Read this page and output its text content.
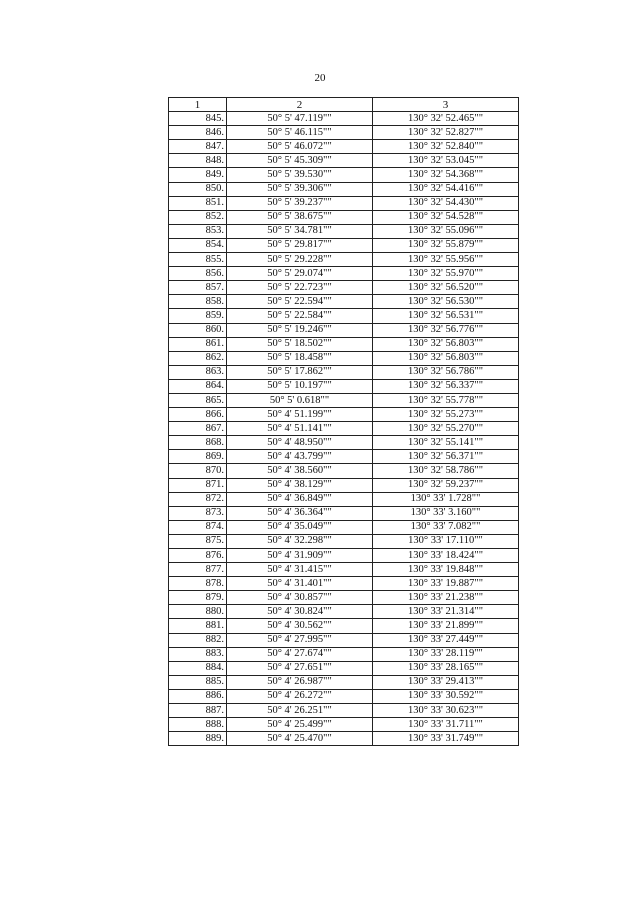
20
1	2	3
845.	50° 5' 47.119""	130° 32' 52.465""
846.	50° 5' 46.115""	130° 32' 52.827""
847.	50° 5' 46.072""	130° 32' 52.840""
848.	50° 5' 45.309""	130° 32' 53.045""
849.	50° 5' 39.530""	130° 32' 54.368""
850.	50° 5' 39.306""	130° 32' 54.416""
851.	50° 5' 39.237""	130° 32' 54.430""
852.	50° 5' 38.675""	130° 32' 54.528""
853.	50° 5' 34.781""	130° 32' 55.096""
854.	50° 5' 29.817""	130° 32' 55.879""
855.	50° 5' 29.228""	130° 32' 55.956""
856.	50° 5' 29.074""	130° 32' 55.970""
857.	50° 5' 22.723""	130° 32' 56.520""
858.	50° 5' 22.594""	130° 32' 56.530""
859.	50° 5' 22.584""	130° 32' 56.531""
860.	50° 5' 19.246""	130° 32' 56.776""
861.	50° 5' 18.502""	130° 32' 56.803""
862.	50° 5' 18.458""	130° 32' 56.803""
863.	50° 5' 17.862""	130° 32' 56.786""
864.	50° 5' 10.197""	130° 32' 56.337""
865.	50° 5' 0.618""	130° 32' 55.778""
866.	50° 4' 51.199""	130° 32' 55.273""
867.	50° 4' 51.141""	130° 32' 55.270""
868.	50° 4' 48.950""	130° 32' 55.141""
869.	50° 4' 43.799""	130° 32' 56.371""
870.	50° 4' 38.560""	130° 32' 58.786""
871.	50° 4' 38.129""	130° 32' 59.237""
872.	50° 4' 36.849""	130° 33' 1.728""
873.	50° 4' 36.364""	130° 33' 3.160""
874.	50° 4' 35.049""	130° 33' 7.082""
875.	50° 4' 32.298""	130° 33' 17.110""
876.	50° 4' 31.909""	130° 33' 18.424""
877.	50° 4' 31.415""	130° 33' 19.848""
878.	50° 4' 31.401""	130° 33' 19.887""
879.	50° 4' 30.857""	130° 33' 21.238""
880.	50° 4' 30.824""	130° 33' 21.314""
881.	50° 4' 30.562""	130° 33' 21.899""
882.	50° 4' 27.995""	130° 33' 27.449""
883.	50° 4' 27.674""	130° 33' 28.119""
884.	50° 4' 27.651""	130° 33' 28.165""
885.	50° 4' 26.987""	130° 33' 29.413""
886.	50° 4' 26.272""	130° 33' 30.592""
887.	50° 4' 26.251""	130° 33' 30.623""
888.	50° 4' 25.499""	130° 33' 31.711""
889.	50° 4' 25.470""	130° 33' 31.749""
